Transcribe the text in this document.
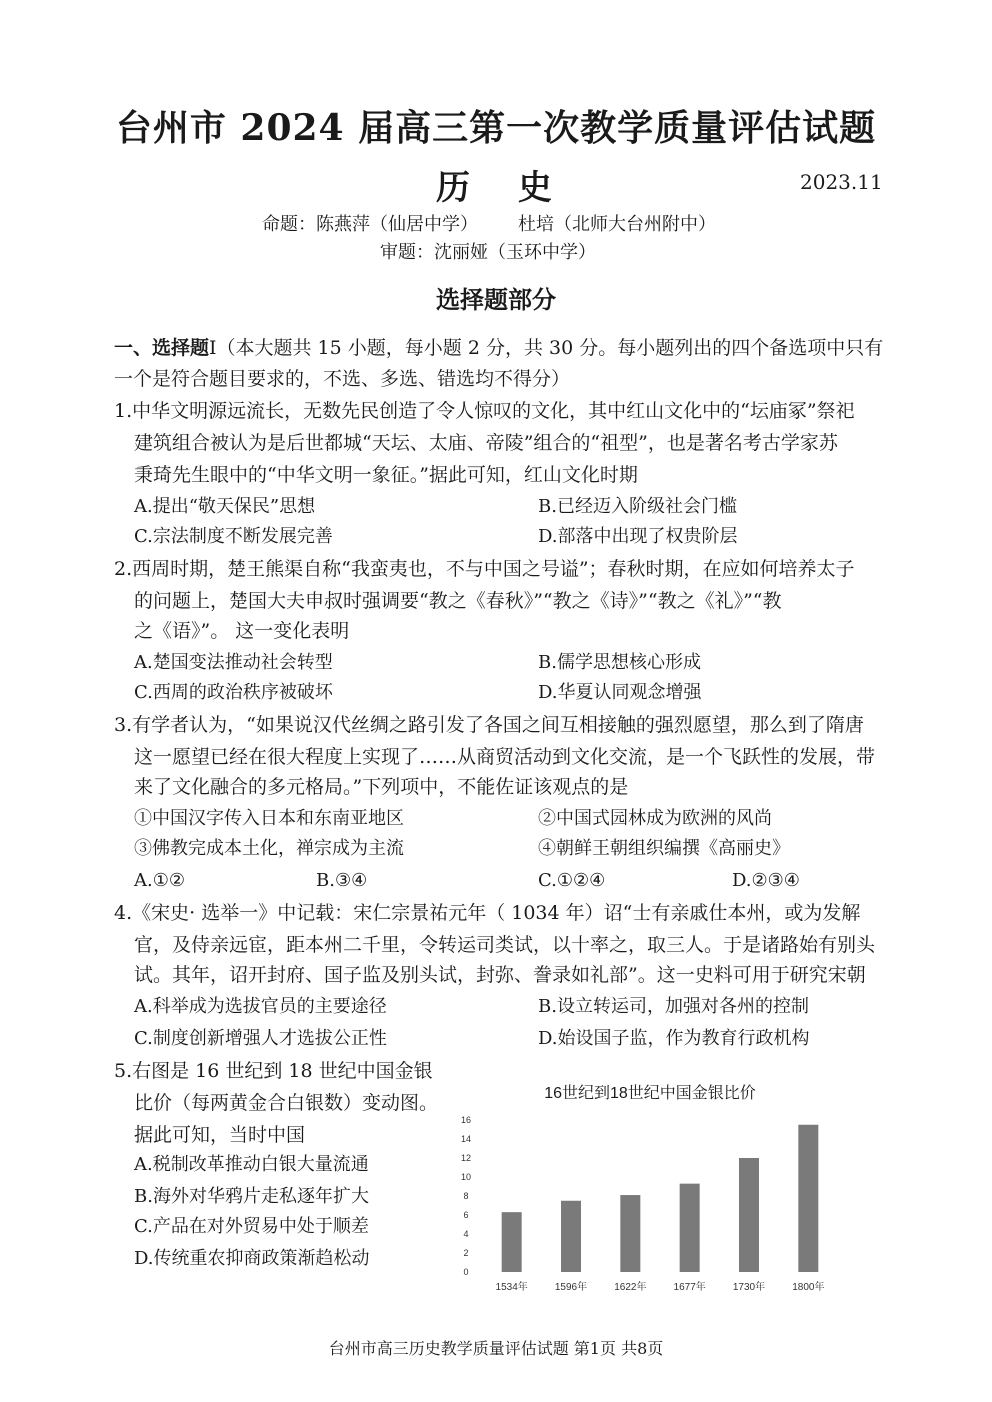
台州市 2024 届高三第一次教学质量评估试题
历 史	2023.11
命题：陈燕萍（仙居中学） 杜培（北师大台州附中）
审题：沈丽娅（玉环中学）
选择题部分
一、选择题Ⅰ（本大题共 15 小题，每小题 2 分，共 30 分。每小题列出的四个备选项中只有
一个是符合题目要求的，不选、多选、错选均不得分）
1.中华文明源远流长，无数先民创造了令人惊叹的文化，其中红山文化中的“坛庙冢”祭祀
建筑组合被认为是后世都城“天坛、太庙、帝陵”组合的“祖型”，也是著名考古学家苏
秉琦先生眼中的“中华文明一象征。”据此可知，红山文化时期
A.提出“敬天保民”思想	B.已经迈入阶级社会门槛
C.宗法制度不断发展完善	D.部落中出现了权贵阶层
2.西周时期，楚王熊渠自称“我蛮夷也，不与中国之号谥”；春秋时期，在应如何培养太子
的问题上，楚国大夫申叔时强调要“教之《春秋》”“教之《诗》”“教之《礼》”“教
之《语》”。 这一变化表明
A.楚国变法推动社会转型	B.儒学思想核心形成
C.西周的政治秩序被破坏	D.华夏认同观念增强
3.有学者认为，“如果说汉代丝绸之路引发了各国之间互相接触的强烈愿望，那么到了隋唐
这一愿望已经在很大程度上实现了……从商贸活动到文化交流，是一个飞跃性的发展，带
来了文化融合的多元格局。”下列项中，不能佐证该观点的是
①中国汉字传入日本和东南亚地区	②中国式园林成为欧洲的风尚
③佛教完成本土化，禅宗成为主流	④朝鲜王朝组织编撰《高丽史》
A.①②	B.③④	C.①②④	D.②③④
4.《宋史· 选举一》中记载：宋仁宗景祐元年（ 1034 年）诏“士有亲戚仕本州，或为发解
官，及侍亲远宦，距本州二千里，令转运司类试，以十率之，取三人。于是诸路始有别头
试。其年，诏开封府、国子监及别头试，封弥、誊录如礼部”。这一史料可用于研究宋朝
A.科举成为选拔官员的主要途径	B.设立转运司，加强对各州的控制
C.制度创新增强人才选拔公正性	D.始设国子监，作为教育行政机构
5.右图是 16 世纪到 18 世纪中国金银
比价（每两黄金合白银数）变动图。
据此可知，当时中国
A.税制改革推动白银大量流通
B.海外对华鸦片走私逐年扩大
C.产品在对外贸易中处于顺差
D.传统重农抑商政策渐趋松动
16世纪到18世纪中国金银比价
0
2
4
6
8
10
12
14
16
1534年	1596年	1622年	1677年	1730年	1800年
台州市高三历史教学质量评估试题 第1页 共8页
